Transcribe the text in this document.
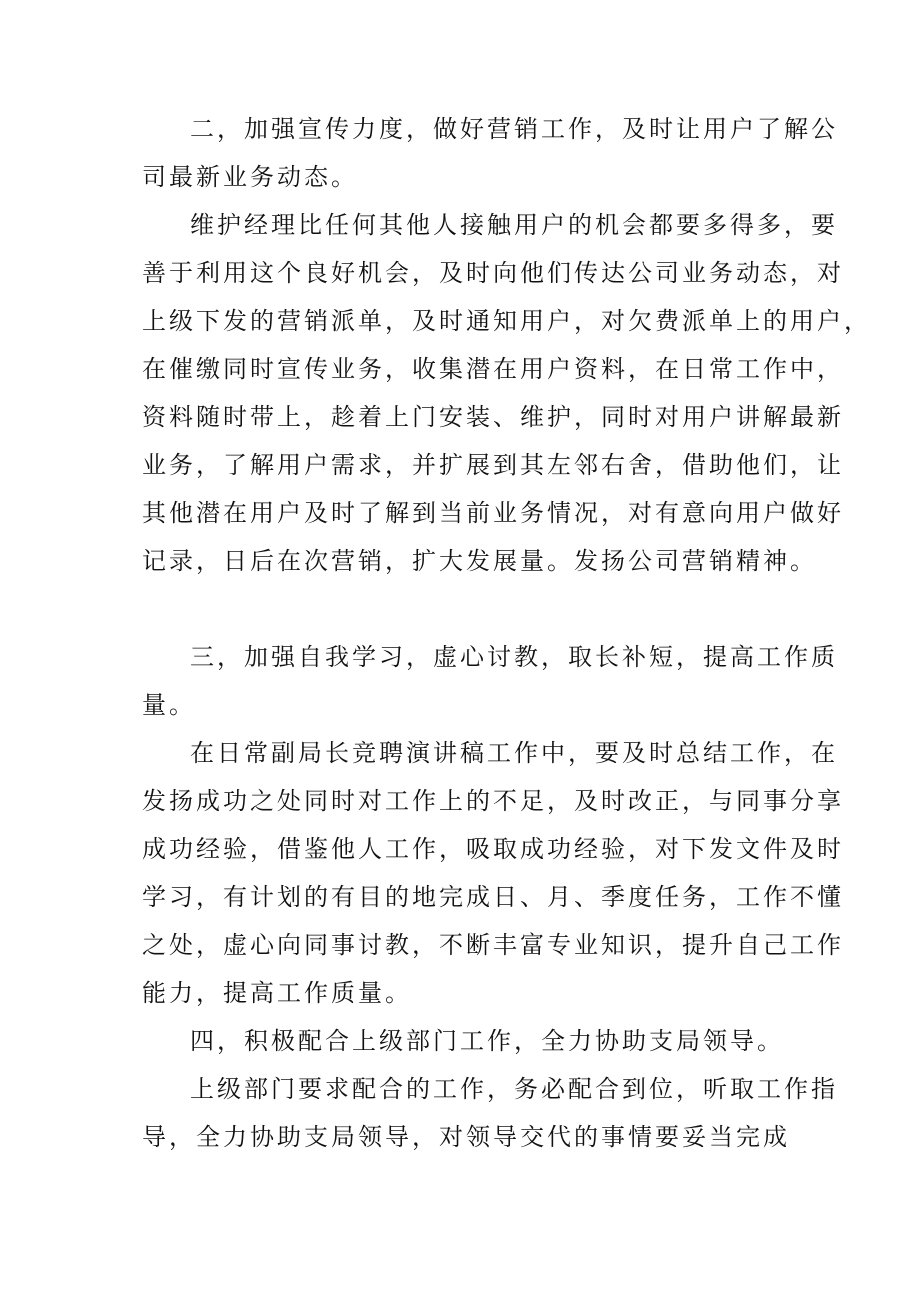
二，加强宣传力度，做好营销工作，及时让用户了解公
司最新业务动态。
维护经理比任何其他人接触用户的机会都要多得多，要
善于利用这个良好机会，及时向他们传达公司业务动态，对
上级下发的营销派单，及时通知用户，对欠费派单上的用户，
在催缴同时宣传业务，收集潜在用户资料，在日常工作中，
资料随时带上，趁着上门安装、维护，同时对用户讲解最新
业务，了解用户需求，并扩展到其左邻右舍，借助他们，让
其他潜在用户及时了解到当前业务情况，对有意向用户做好
记录，日后在次营销，扩大发展量。发扬公司营销精神。
三，加强自我学习，虚心讨教，取长补短，提高工作质
量。
在日常副局长竞聘演讲稿工作中，要及时总结工作，在
发扬成功之处同时对工作上的不足，及时改正，与同事分享
成功经验，借鉴他人工作，吸取成功经验，对下发文件及时
学习，有计划的有目的地完成日、月、季度任务，工作不懂
之处，虚心向同事讨教，不断丰富专业知识，提升自己工作
能力，提高工作质量。
四，积极配合上级部门工作，全力协助支局领导。
上级部门要求配合的工作，务必配合到位，听取工作指
导，全力协助支局领导，对领导交代的事情要妥当完成
